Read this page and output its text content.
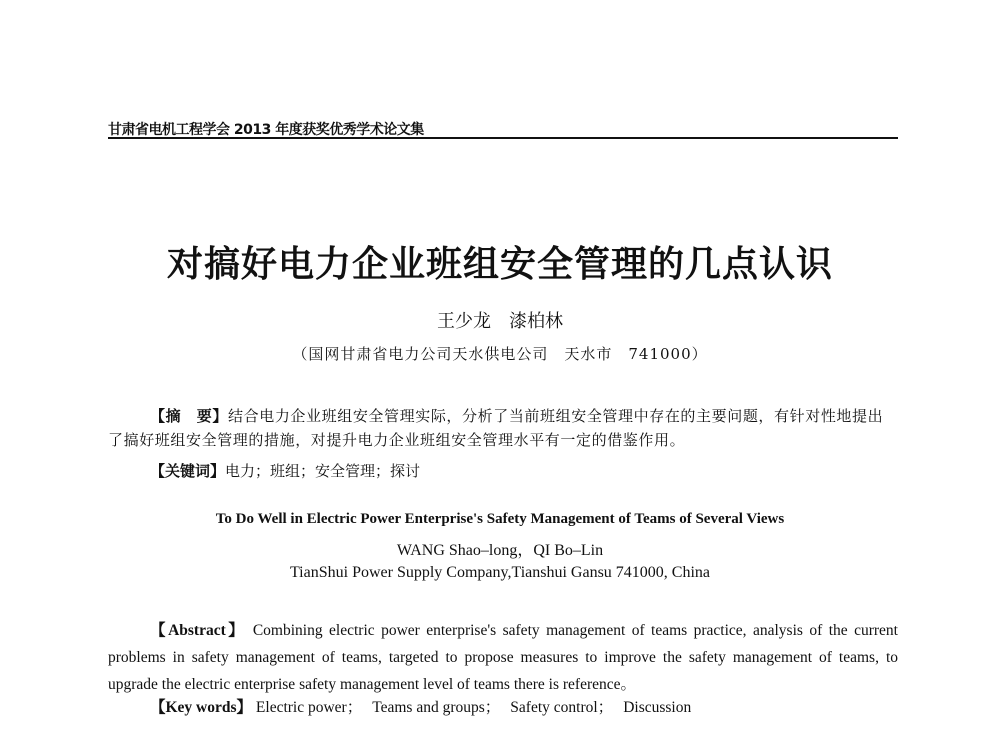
甘肃省电机工程学会 2013 年度获奖优秀学术论文集
对搞好电力企业班组安全管理的几点认识
王少龙　漆柏林
（国网甘肃省电力公司天水供电公司　天水市　741000）

【摘　要】结合电力企业班组安全管理实际，分析了当前班组安全管理中存在的主要问题，有针对性地提出了搞好班组安全管理的措施，对提升电力企业班组安全管理水平有一定的借鉴作用。

【关键词】电力；班组；安全管理；探讨

To Do Well in Electric Power Enterprise's Safety Management of Teams of Several Views
WANG Shao–long，QI Bo–Lin
TianShui Power Supply Company,Tianshui Gansu 741000, China

【Abstract】 Combining electric power enterprise's safety management of teams practice, analysis of the current problems in safety management of teams, targeted to propose measures to improve the safety management of teams, to upgrade the electric enterprise safety management level of teams there is reference。

【Key words】 Electric power； Teams and groups； Safety control； Discussion
